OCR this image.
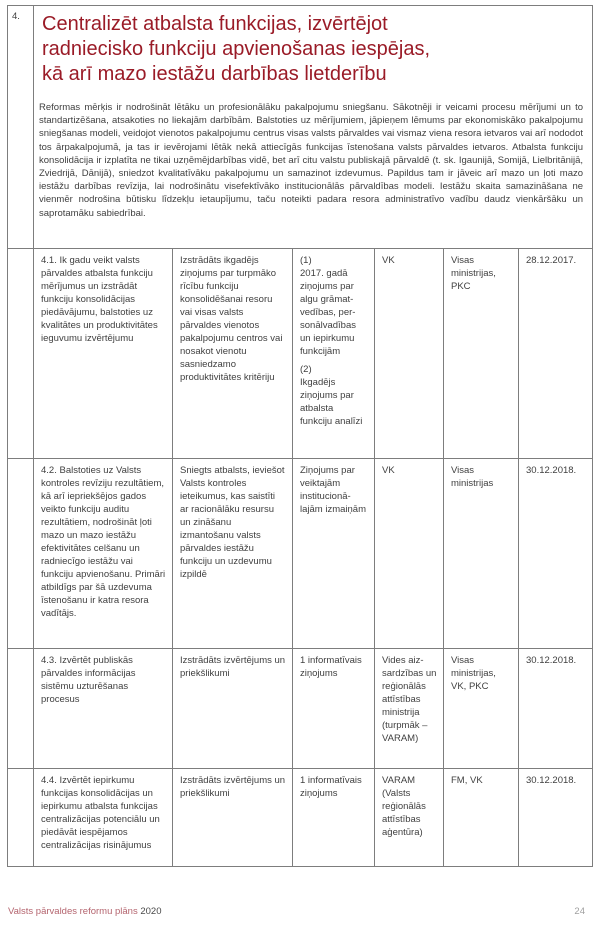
4.	Centralizēt atbalsta funkcijas, izvērtējot
radniecisko funkciju apvienošanas iespējas,
kā arī mazo iestāžu darbības lietderību

Reformas mērķis ir nodrošināt lētāku un profesionālāku pakalpojumu sniegšanu. Sākotnēji ir veicami procesu mērījumi un to standartizēšana, atsakoties no liekajām darbībām. Balstoties uz mērījumiem, jāpieņem lēmums par ekonomiskāko pakalpojumu sniegšanas modeli, veidojot vienotos pakalpojumu centrus visas valsts pārvaldes vai vismaz viena resora ietvaros vai arī nododot tos ārpakalpojumā, ja tas ir ievērojami lētāk nekā attiecīgās funkcijas īstenošana valsts pārvaldes ietvaros. Atbalsta funkciju konsolidācija ir izplatīta ne tikai uzņēmējdarbības vidē, bet arī citu valstu publiskajā pārvaldē (t. sk. Igaunijā, Somijā, Lielbritānijā, Zviedrijā, Dānijā), sniedzot kvalitatīvāku pakalpojumu un samazinot izdevumus. Papildus tam ir jāveic arī mazo un ļoti mazo iestāžu darbības revīzija, lai nodrošinātu visefektīvāko institucionālās pārvaldības modeli. Iestāžu skaita samazināšana ne vienmēr nodrošina būtisku līdzekļu ietaupījumu, taču noteikti padara resora administratīvo vadību daudz vienkāršāku un saprotamāku sabiedrībai.					

	4.1. Ik gadu veikt valsts pārvaldes atbalsta funkciju mērījumus un izstrādāt funkciju konsolidācijas piedāvājumu, balstoties uz kvalitātes un produktivitātes ieguvumu izvērtējumu	Izstrādāts ikgadējs ziņojums par turpmāko rīcību funkciju konsolidēšanai resoru vai visas valsts pārvaldes vienotos pakalpojumu centros vai nosakot vienotu sasniedzamo produktivitātes kritēriju	(1)
2017. gadā ziņojums par algu grāmatvedības, personālvadības un iepirkumu funkcijām
(2)
Ikgadējs ziņojums par atbalsta funkciju analīzi	VK	Visas ministrijas, PKC	28.12.2017.
	4.2. Balstoties uz Valsts kontroles revīziju rezultātiem, kā arī iepriekšējos gados veikto funkciju auditu rezultātiem, nodrošināt ļoti mazo un mazo iestāžu efektivitātes celšanu un radniecīgo iestāžu vai funkciju apvienošanu. Primāri atbildīgs par šā uzdevuma īstenošanu ir katra resora vadītājs.	Sniegts atbalsts, ieviešot Valsts kontroles ieteikumus, kas saistīti ar racionālāku resursu un zināšanu izmantošanu valsts pārvaldes iestāžu funkciju un uzdevumu izpildē	Ziņojums par veiktajām institucionālajām izmaiņām	VK	Visas ministrijas	30.12.2018.
	4.3. Izvērtēt publiskās pārvaldes informācijas sistēmu uzturēšanas procesus	Izstrādāts izvērtējums un priekšlikumi	1 informatīvais ziņojums	Vides aizsardzības un reģionālās attīstības ministrija (turpmāk – VARAM)	Visas ministrijas, VK, PKC	30.12.2018.
	4.4. Izvērtēt iepirkumu funkcijas konsolidācijas un iepirkumu atbalsta funkcijas centralizācijas potenciālu un piedāvāt iespējamos centralizācijas risinājumus	Izstrādāts izvērtējums un priekšlikumi	1 informatīvais ziņojums	VARAM (Valsts reģionālās attīstības aģentūra)	FM, VK	30.12.2018.
Valsts pārvaldes reformu plāns 2020	24
